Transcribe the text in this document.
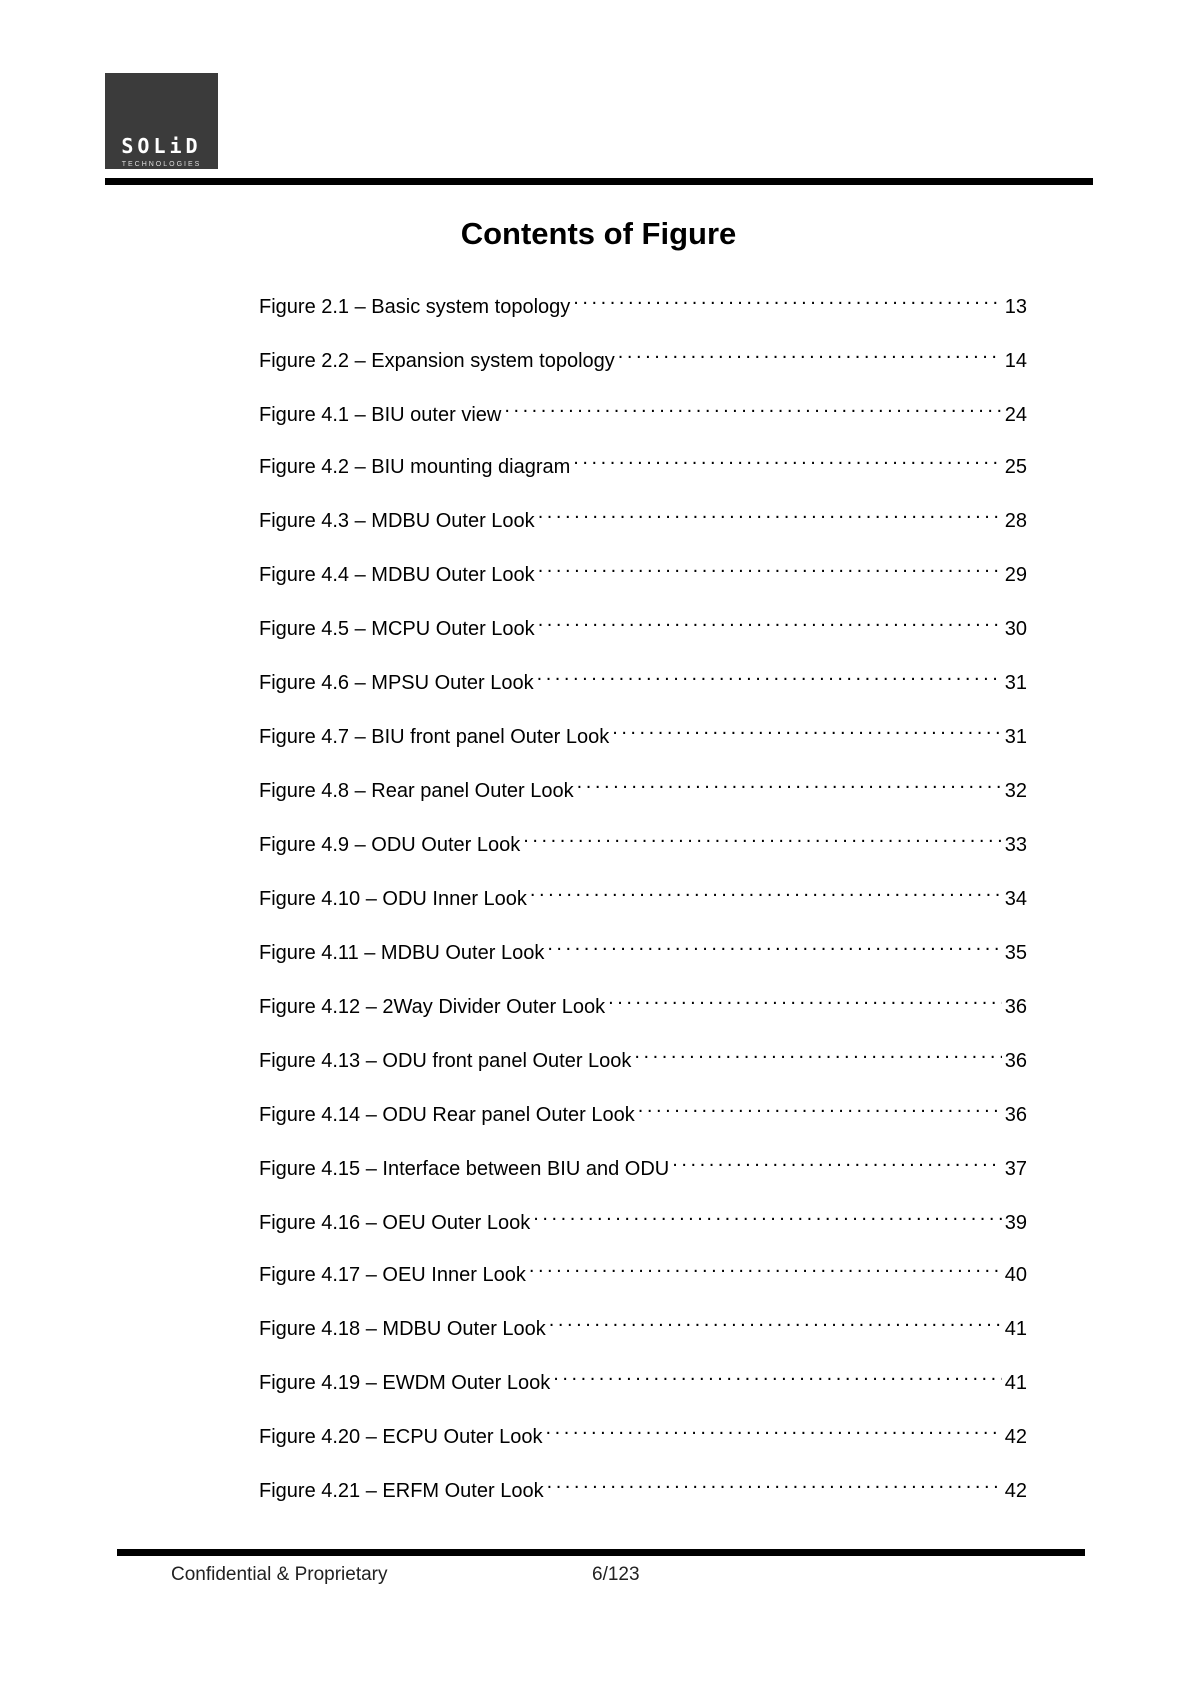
SOLiD
TECHNOLOGIES
Contents of Figure
Figure 2.1 – Basic system topology . . .	13
Figure 2.2 – Expansion system topology . . .	14
Figure 4.1 – BIU outer view . . .	24
Figure 4.2 – BIU mounting diagram . . .	25
Figure 4.3 – MDBU Outer Look . . .	28
Figure 4.4 – MDBU Outer Look . . .	29
Figure 4.5 – MCPU Outer Look . . .	30
Figure 4.6 – MPSU Outer Look . . .	31
Figure 4.7 – BIU front panel Outer Look . . .	31
Figure 4.8 – Rear panel Outer Look . . .	32
Figure 4.9 – ODU Outer Look . . .	33
Figure 4.10 – ODU Inner Look . . .	34
Figure 4.11 – MDBU Outer Look . . .	35
Figure 4.12 – 2Way Divider Outer Look . . .	36
Figure 4.13 – ODU front panel Outer Look . . .	36
Figure 4.14 – ODU Rear panel Outer Look . . .	36
Figure 4.15 – Interface between BIU and ODU . . .	37
Figure 4.16 – OEU Outer Look . . .	39
Figure 4.17 – OEU Inner Look . . .	40
Figure 4.18 – MDBU Outer Look . . .	41
Figure 4.19 – EWDM Outer Look . . .	41
Figure 4.20 – ECPU Outer Look . . .	42
Figure 4.21 – ERFM Outer Look . . .	42
Confidential & Proprietary	6/123
